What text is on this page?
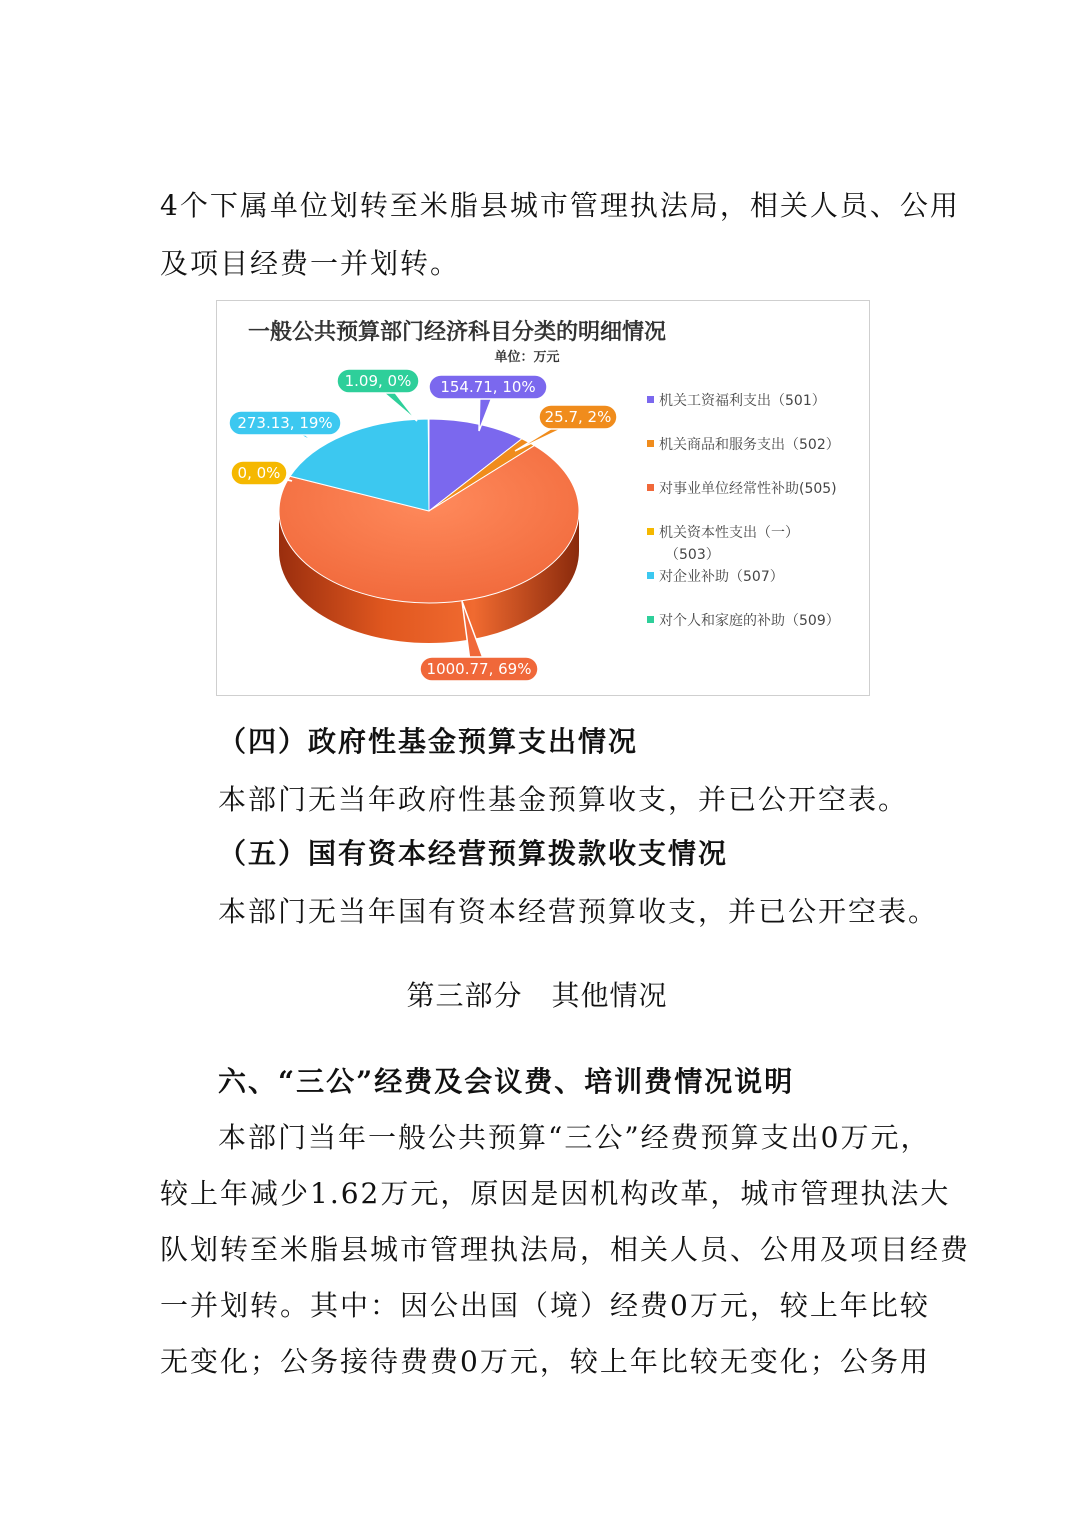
4个下属单位划转至米脂县城市管理执法局，相关人员、公用
及项目经费一并划转。
154.71, 10%
25.7, 2%
1000.77, 69%
0, 0%
273.13, 19%
1.09, 0%
机关工资福利支出（501）
机关商品和服务支出（502）
对事业单位经常性补助(505)
机关资本性支出（一）
（503）
对企业补助（507）
对个人和家庭的补助（509）
一般公共预算部门经济科目分类的明细情况
单位：万元
（四）政府性基金预算支出情况
本部门无当年政府性基金预算收支，并已公开空表。
（五）国有资本经营预算拨款收支情况
本部门无当年国有资本经营预算收支，并已公开空表。
第三部分　其他情况
六、“三公”经费及会议费、培训费情况说明
本部门当年一般公共预算“三公”经费预算支出0万元，
较上年减少1.62万元，原因是因机构改革，城市管理执法大
队划转至米脂县城市管理执法局，相关人员、公用及项目经费
一并划转。其中：因公出国（境）经费0万元，较上年比较
无变化；公务接待费费0万元，较上年比较无变化；公务用
